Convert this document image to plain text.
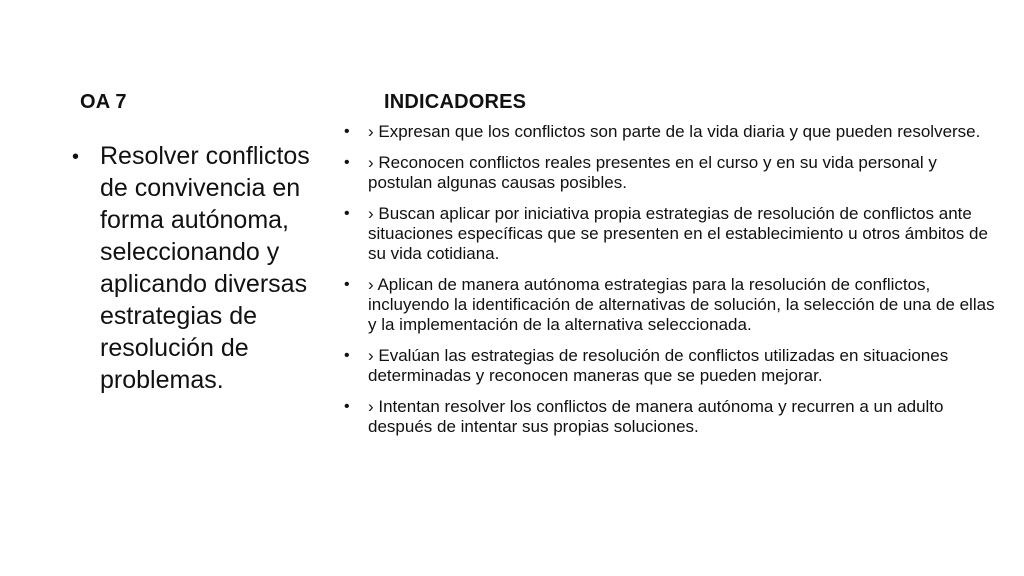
OA 7	INDICADORES
• Resolver conflictos de convivencia en forma autónoma, seleccionando y aplicando diversas estrategias de resolución de problemas.
• › Expresan que los conflictos son parte de la vida diaria y que pueden resolverse.
• › Reconocen conflictos reales presentes en el curso y en su vida personal y postulan algunas causas posibles.
• › Buscan aplicar por iniciativa propia estrategias de resolución de conflictos ante situaciones específicas que se presenten en el establecimiento u otros ámbitos de su vida cotidiana.
• › Aplican de manera autónoma estrategias para la resolución de conflictos, incluyendo la identificación de alternativas de solución, la selección de una de ellas y la implementación de la alternativa seleccionada.
• › Evalúan las estrategias de resolución de conflictos utilizadas en situaciones determinadas y reconocen maneras que se pueden mejorar.
• › Intentan resolver los conflictos de manera autónoma y recurren a un adulto después de intentar sus propias soluciones.
